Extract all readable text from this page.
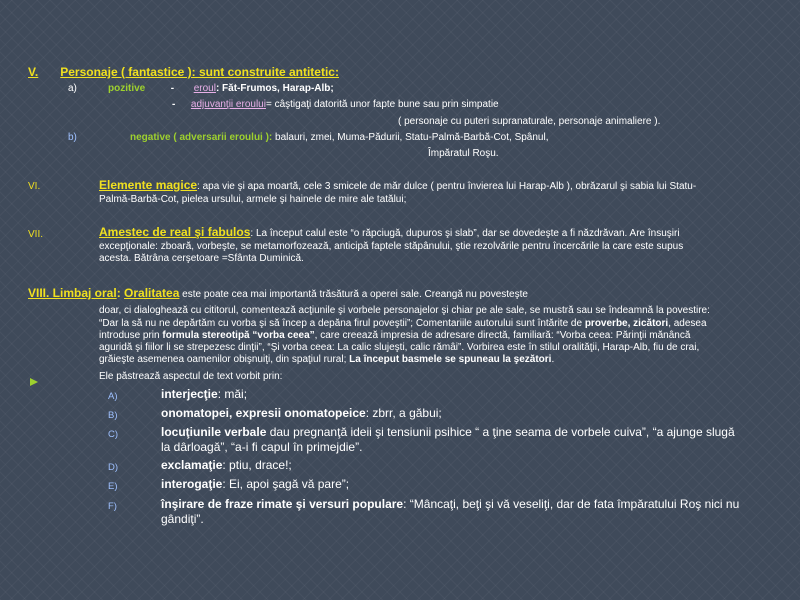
V. Personaje ( fantastice ): sunt construite antitetic:
a)	pozitive	- eroul: Făt-Frumos, Harap-Alb;
- adjuvanţii eroului= câştigaţi datorită unor fapte bune sau prin simpatie
( personaje cu puteri supranaturale, personaje animaliere ).
b)	negative ( adversarii eroului ): balauri, zmei, Muma-Pădurii, Statu-Palmă-Barbă-Cot, Spânul,
Împăratul Roşu.
VI.	Elemente magice: apa vie şi apa moartă, cele 3 smicele de măr dulce ( pentru învierea lui Harap-Alb ), obrăzarul şi sabia lui Statu-
Palmă-Barbă-Cot, pielea ursului, armele şi hainele de mire ale tatălui;
VII.	Amestec de real şi fabulos: La început calul este “o răpciugă, dupuros şi slab”, dar se dovedeşte a fi năzdrăvan. Are însuşiri
excepţionale: zboară, vorbeşte, se metamorfozează, anticipă faptele stăpânului, ştie rezolvările pentru încercările la care este supus
acesta. Bătrâna cerşetoare =Sfânta Duminică.
VIII. Limbaj oral: Oralitatea este poate cea mai importantă trăsătură a operei sale. Creangă nu povesteşte
doar, ci dialoghează cu cititorul, comentează acţiunile şi vorbele personajelor şi chiar pe ale sale, se mustră sau se îndeamnă la povestire:
“Dar la să nu ne depărtăm cu vorba şi să încep a depăna firul poveştii”; Comentariile autorului sunt întărite de proverbe, zicători, adesea
introduse prin formula stereotipă “vorba ceea”, care creează impresia de adresare directă, familiară: “Vorba ceea: Părinţii mănâncă
aguridă şi fiilor li se strepezesc dinţii”, “Şi vorba ceea: La calic slujeşti, calic rămâi”. Vorbirea este în stilul oralităţii, Harap-Alb, fiu de crai,
grăieşte asemenea oamenilor obişnuiţi, din spaţiul rural; La început basmele se spuneau la şezători.
Ele păstrează aspectul de text vorbit prin:
A)	interjecţie: măi;
B)	onomatopei, expresii onomatopeice: zbrr, a găbui;
C)	locuţiunile verbale dau pregnanţă ideii şi tensiunii psihice “ a ţine seama de vorbele cuiva”, “a ajunge slugă
la dârloagă”, “a-i fi capul în primejdie”.
D)	exclamaţie: ptiu, drace!;
E)	interogaţie: Ei, apoi şagă vă pare”;
F)	înşirare de fraze rimate şi versuri populare: “Mâncaţi, beţi şi vă veseliţi, dar de fata împăratului Roş nici nu
gândiţi”.
